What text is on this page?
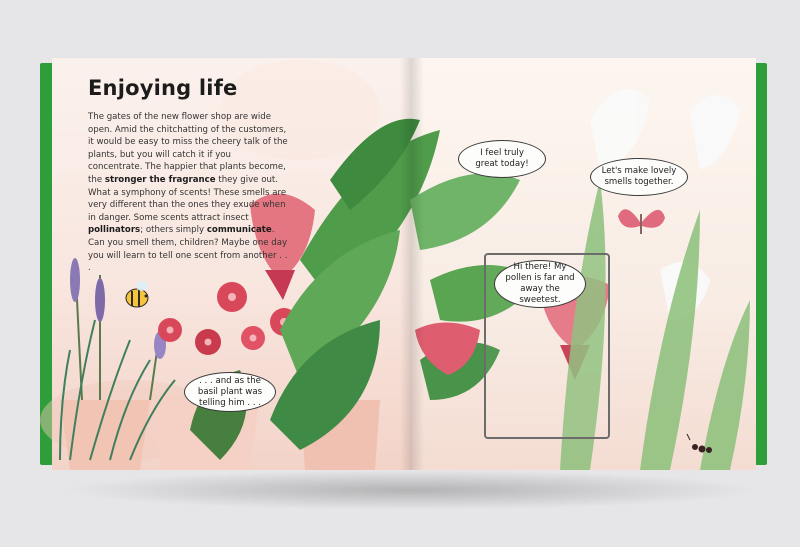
Enjoying life
The gates of the new flower shop are wide open. Amid the chitchatting of the customers, it would be easy to miss the cheery talk of the plants, but you will catch it if you concentrate. The happier that plants become, the stronger the fragrance they give out. What a symphony of scents! These smells are very different than the ones they exude when in danger. Some scents attract insect pollinators; others simply communicate. Can you smell them, children? Maybe one day you will learn to tell one scent from another . . .
. . . and as the basil plant was telling him . . .
I feel truly great today!
Let's make lovely smells together.
Hi there! My pollen is far and away the sweetest.
